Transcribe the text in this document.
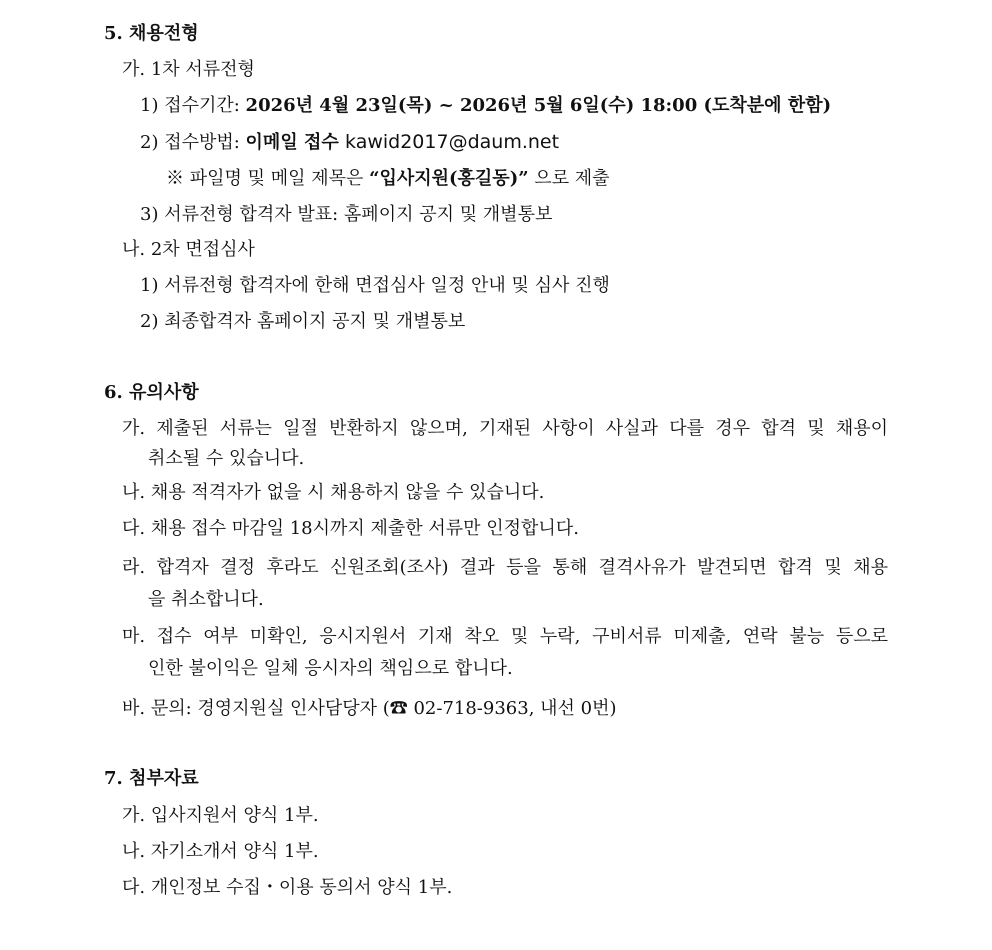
5. 채용전형
가. 1차 서류전형
1) 접수기간: 2026년 4월 23일(목) ~ 2026년 5월 6일(수) 18:00 (도착분에 한함)
2) 접수방법: 이메일 접수 kawid2017@daum.net
※ 파일명 및 메일 제목은 “입사지원(홍길동)” 으로 제출
3) 서류전형 합격자 발표: 홈페이지 공지 및 개별통보
나. 2차 면접심사
1) 서류전형 합격자에 한해 면접심사 일정 안내 및 심사 진행
2) 최종합격자 홈페이지 공지 및 개별통보
6. 유의사항
가. 제출된 서류는 일절 반환하지 않으며, 기재된 사항이 사실과 다를 경우 합격 및 채용이
취소될 수 있습니다.
나. 채용 적격자가 없을 시 채용하지 않을 수 있습니다.
다. 채용 접수 마감일 18시까지 제출한 서류만 인정합니다.
라. 합격자 결정 후라도 신원조회(조사) 결과 등을 통해 결격사유가 발견되면 합격 및 채용
을 취소합니다.
마. 접수 여부 미확인, 응시지원서 기재 착오 및 누락, 구비서류 미제출, 연락 불능 등으로
인한 불이익은 일체 응시자의 책임으로 합니다.
바. 문의: 경영지원실 인사담당자 (☎ 02-718-9363, 내선 0번)
7. 첨부자료
가. 입사지원서 양식 1부.
나. 자기소개서 양식 1부.
다. 개인정보 수집・이용 동의서 양식 1부.
